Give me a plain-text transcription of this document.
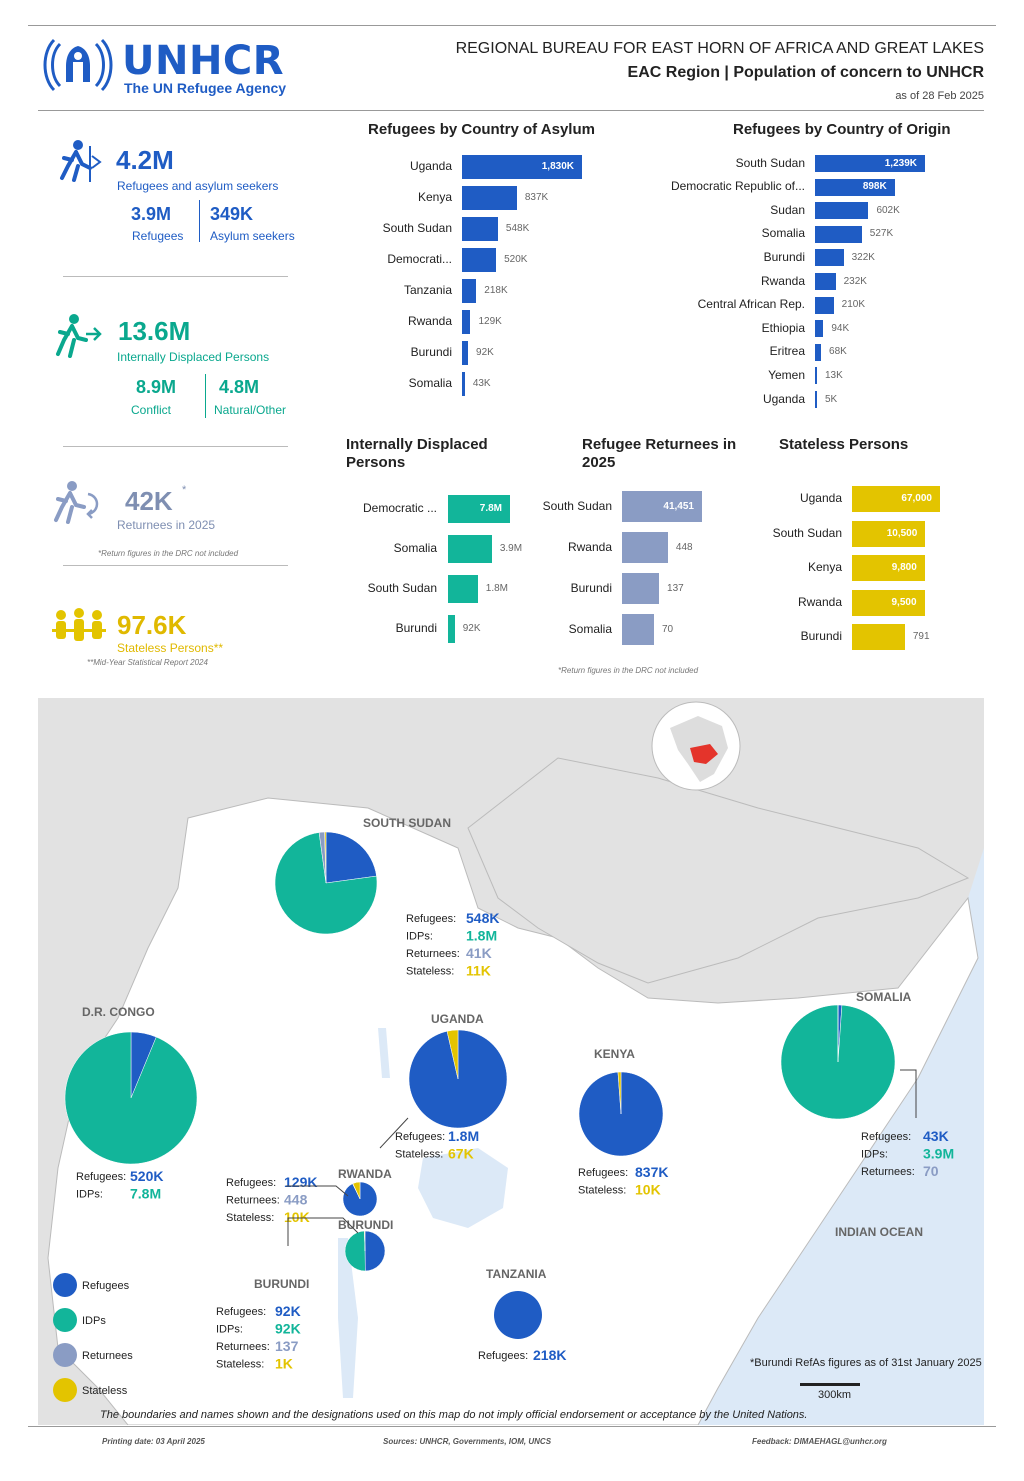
UNHCR
The UN Refugee Agency
REGIONAL BUREAU FOR EAST HORN OF AFRICA AND GREAT LAKES
EAC Region | Population of concern to UNHCR
as of 28 Feb 2025
4.2M
Refugees and asylum seekers
3.9M
Refugees
349K
Asylum seekers
13.6M
Internally Displaced Persons
8.9M
Conflict
4.8M
Natural/Other
42K *
Returnees in 2025
*Return figures in the DRC not included
97.6K
Stateless Persons**
**Mid-Year Statistical Report 2024
Refugees by Country of Asylum	Refugees by Country of Origin
Internally Displaced Persons
Refugee Returnees in 2025
Stateless Persons
*Return figures in the DRC not included
Uganda	1,830K
Kenya	837K
South Sudan	548K
Democrati...	520K
Tanzania	218K
Rwanda	129K
Burundi 92K
Somalia 43K
South Sudan	1,239K
Democratic Republic of...	898K
Sudan	602K
Somalia	527K
Burundi	322K
Rwanda	232K
Central African Rep.	210K
Ethiopia	94K
Eritrea 68K
Yemen 13K
Uganda 5K
Democratic ...	7.8M
Somalia	3.9M
South Sudan	1.8M
Burundi	92K
South Sudan	41,451
Rwanda	448
Burundi	137
Somalia	70
Uganda	67,000
South Sudan	10,500
Kenya	9,800
Rwanda	9,500
Burundi	791
SOUTH SUDAN
Refugees: 548K
IDPs: 1.8M
Returnees: 41K
Stateless: 11K
D.R. CONGO
Refugees: 520K
IDPs: 7.8M
UGANDA
Refugees: 1.8M
Stateless: 67K
KENYA
Refugees: 837K
Stateless: 10K
SOMALIA
Refugees: 43K
IDPs:	3.9M
Returnees: 70
Refugees: 129K
Returnees: 448
Stateless: 10K
BURUNDI
Refugees: 92K
IDPs: 92K
Returnees: 137
Stateless: 1K
TANZANIA
Refugees: 218K
RWANDA
BURUNDI	INDIAN OCEAN
*Burundi RefAs figures as of 31st January 2025
300km
The boundaries and names shown and the designations used on this map do not imply official endorsement or acceptance by the United Nations.
Refugees
IDPs
Returnees
Stateless
Printing date: 03 April 2025	Sources: UNHCR, Governments, IOM, UNCS	Feedback: DIMAEHAGL@unhcr.org
